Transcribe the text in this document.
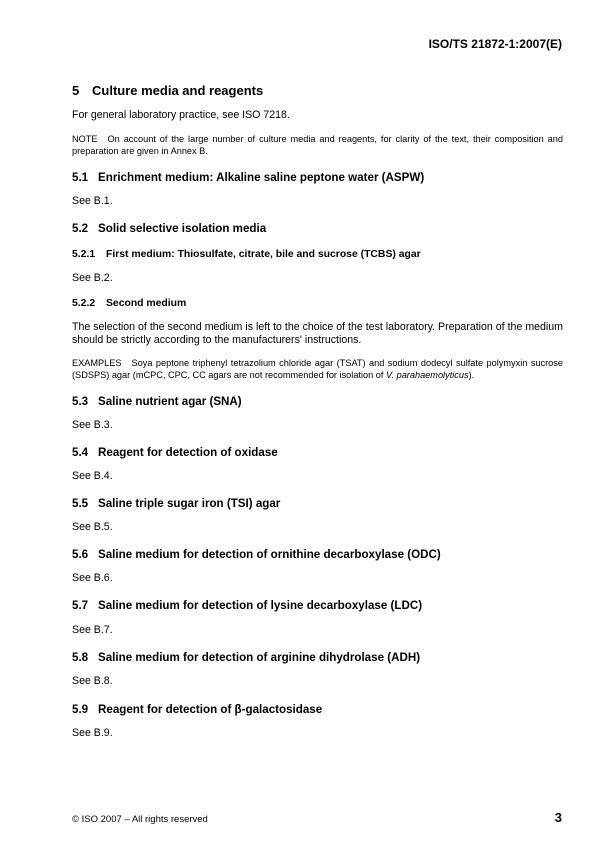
ISO/TS 21872-1:2007(E)
5 Culture media and reagents
For general laboratory practice, see ISO 7218.
NOTE On account of the large number of culture media and reagents, for clarity of the text, their composition and preparation are given in Annex B.
5.1 Enrichment medium: Alkaline saline peptone water (ASPW)
See B.1.
5.2 Solid selective isolation media
5.2.1 First medium: Thiosulfate, citrate, bile and sucrose (TCBS) agar
See B.2.
5.2.2 Second medium
The selection of the second medium is left to the choice of the test laboratory. Preparation of the medium should be strictly according to the manufacturers' instructions.
EXAMPLES Soya peptone triphenyl tetrazolium chloride agar (TSAT) and sodium dodecyl sulfate polymyxin sucrose (SDSPS) agar (mCPC, CPC, CC agars are not recommended for isolation of V. parahaemolyticus).
5.3 Saline nutrient agar (SNA)
See B.3.
5.4 Reagent for detection of oxidase
See B.4.
5.5 Saline triple sugar iron (TSI) agar
See B.5.
5.6 Saline medium for detection of ornithine decarboxylase (ODC)
See B.6.
5.7 Saline medium for detection of lysine decarboxylase (LDC)
See B.7.
5.8 Saline medium for detection of arginine dihydrolase (ADH)
See B.8.
5.9 Reagent for detection of β-galactosidase
See B.9.
© ISO 2007 – All rights reserved	3
